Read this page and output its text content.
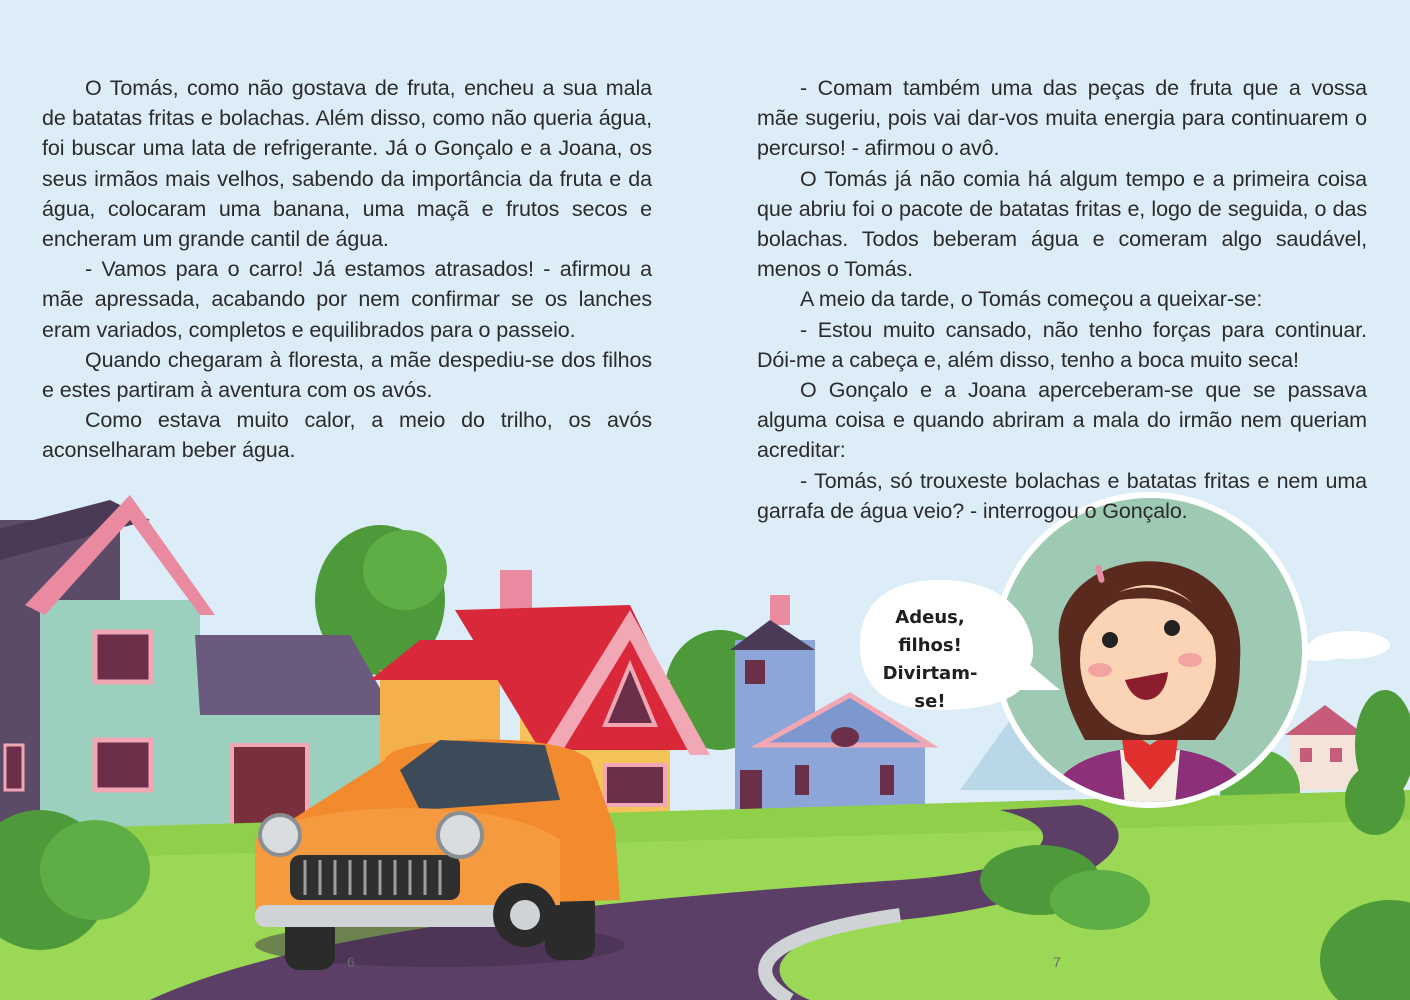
O Tomás, como não gostava de fruta, encheu a sua mala de batatas fritas e bolachas. Além disso, como não queria água, foi buscar uma lata de refrigerante. Já o Gonçalo e a Joana, os seus irmãos mais velhos, sabendo da importância da fruta e da água, colocaram uma banana, uma maçã e frutos secos e encheram um grande cantil de água.

- Vamos para o carro! Já estamos atrasados! - afirmou a mãe apressada, acabando por nem confirmar se os lanches eram variados, completos e equilibrados para o passeio.

Quando chegaram à floresta, a mãe despediu-se dos filhos e estes partiram à aventura com os avós.

Como estava muito calor, a meio do trilho, os avós aconselharam beber água.

- Comam também uma das peças de fruta que a vossa mãe sugeriu, pois vai dar-vos muita energia para continuarem o percurso! - afirmou o avô.

O Tomás já não comia há algum tempo e a primeira coisa que abriu foi o pacote de batatas fritas e, logo de seguida, o das bolachas. Todos beberam água e comeram algo saudável, menos o Tomás.

A meio da tarde, o Tomás começou a queixar-se:

- Estou muito cansado, não tenho forças para continuar. Dói-me a cabeça e, além disso, tenho a boca muito seca!

O Gonçalo e a Joana aperceberam-se que se passava alguma coisa e quando abriram a mala do irmão nem queriam acreditar:

- Tomás, só trouxeste bolachas e batatas fritas e nem uma garrafa de água veio? - interrogou o Gonçalo.

Adeus,
filhos!
Divirtam-se!
6	7
